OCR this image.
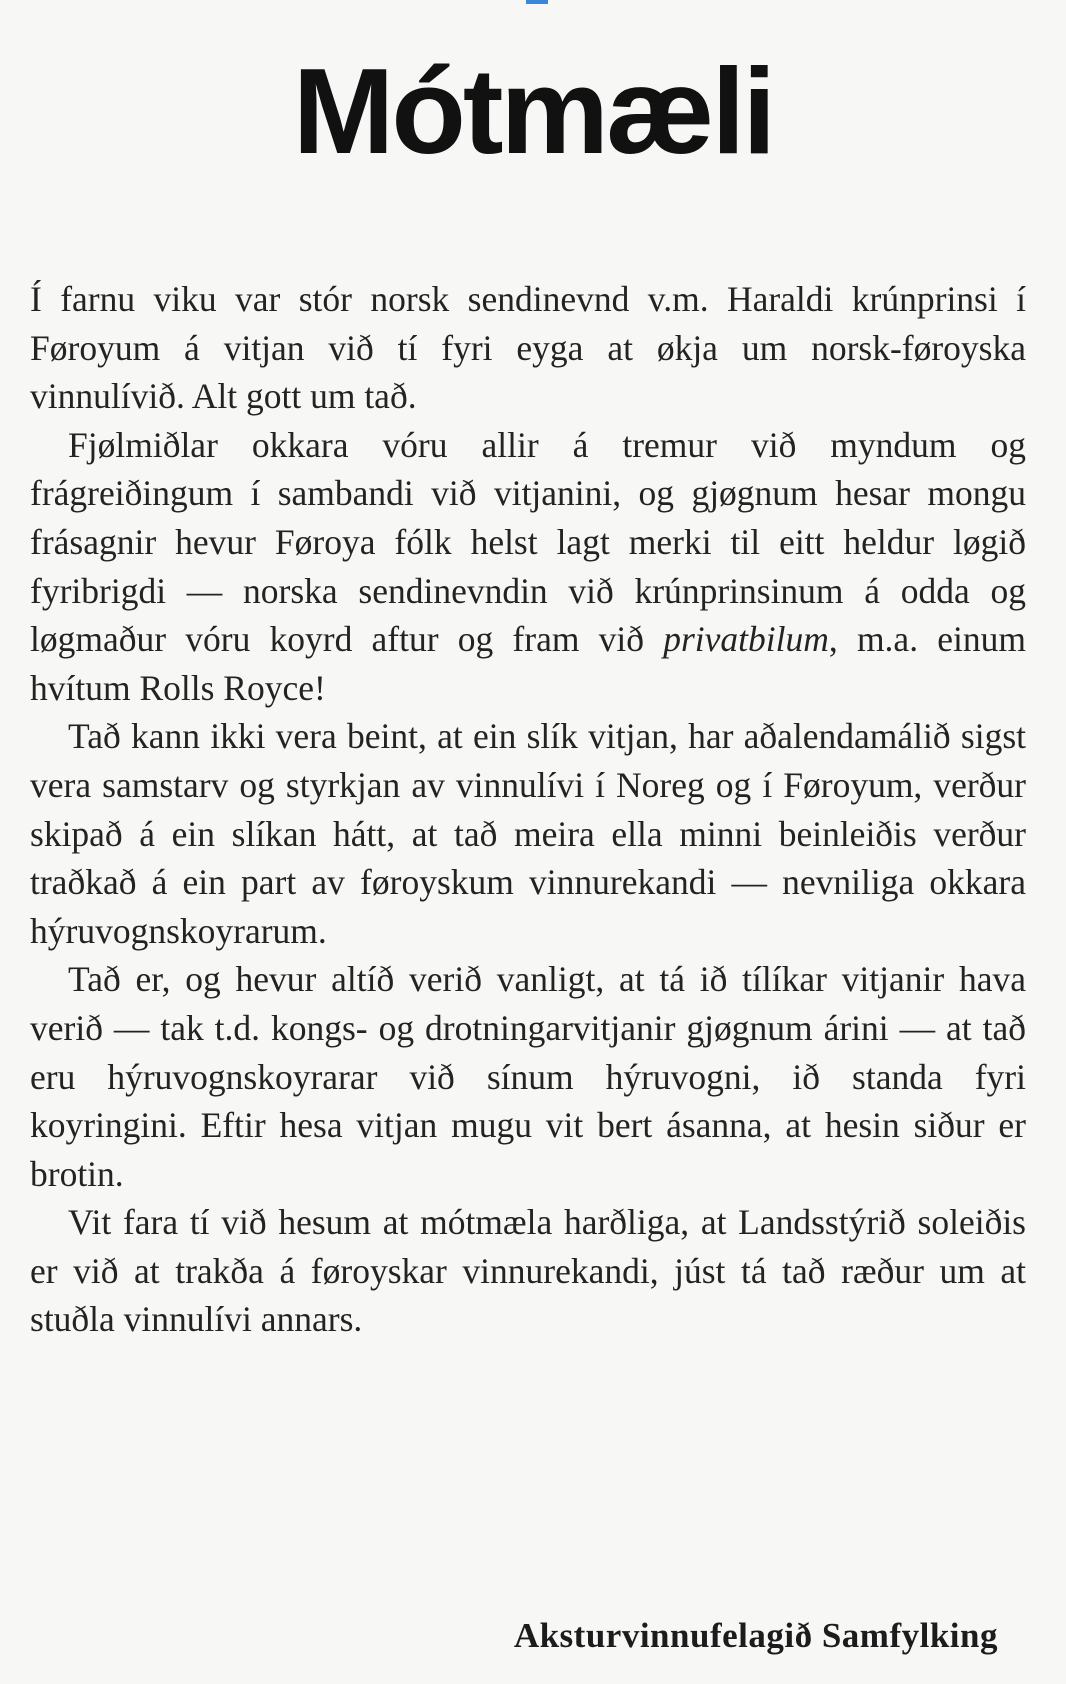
Mótmæli

Í farnu viku var stór norsk sendinevnd v.m. Haraldi krúnprinsi í Føroyum á vitjan við tí fyri eyga at økja um norsk-føroyska vinnulívið. Alt gott um tað.

Fjølmiðlar okkara vóru allir á tremur við myndum og frágreiðingum í sambandi við vitjanini, og gjøgnum hesar mongu frásagnir hevur Føroya fólk helst lagt merki til eitt heldur løgið fyribrigdi — norska sendinevndin við krúnprinsinum á odda og løgmaður vóru koyrd aftur og fram við privatbilum, m.a. einum hvítum Rolls Royce!

Tað kann ikki vera beint, at ein slík vitjan, har aðalendamálið sigst vera samstarv og styrkjan av vinnulívi í Noreg og í Føroyum, verður skipað á ein slíkan hátt, at tað meira ella minni beinleiðis verður traðkað á ein part av føroyskum vinnurekandi — nevniliga okkara hýruvognskoyrarum.

Tað er, og hevur altíð verið vanligt, at tá ið tílíkar vitjanir hava verið — tak t.d. kongs- og drotningarvitjanir gjøgnum árini — at tað eru hýruvognskoyrarar við sínum hýruvogni, ið standa fyri koyringini. Eftir hesa vitjan mugu vit bert ásanna, at hesin siður er brotin.

Vit fara tí við hesum at mótmæla harðliga, at Landsstýrið soleiðis er við at trakða á føroyskar vinnurekandi, júst tá tað ræður um at stuðla vinnulívi annars.

Aksturvinnufelagið Samfylking
